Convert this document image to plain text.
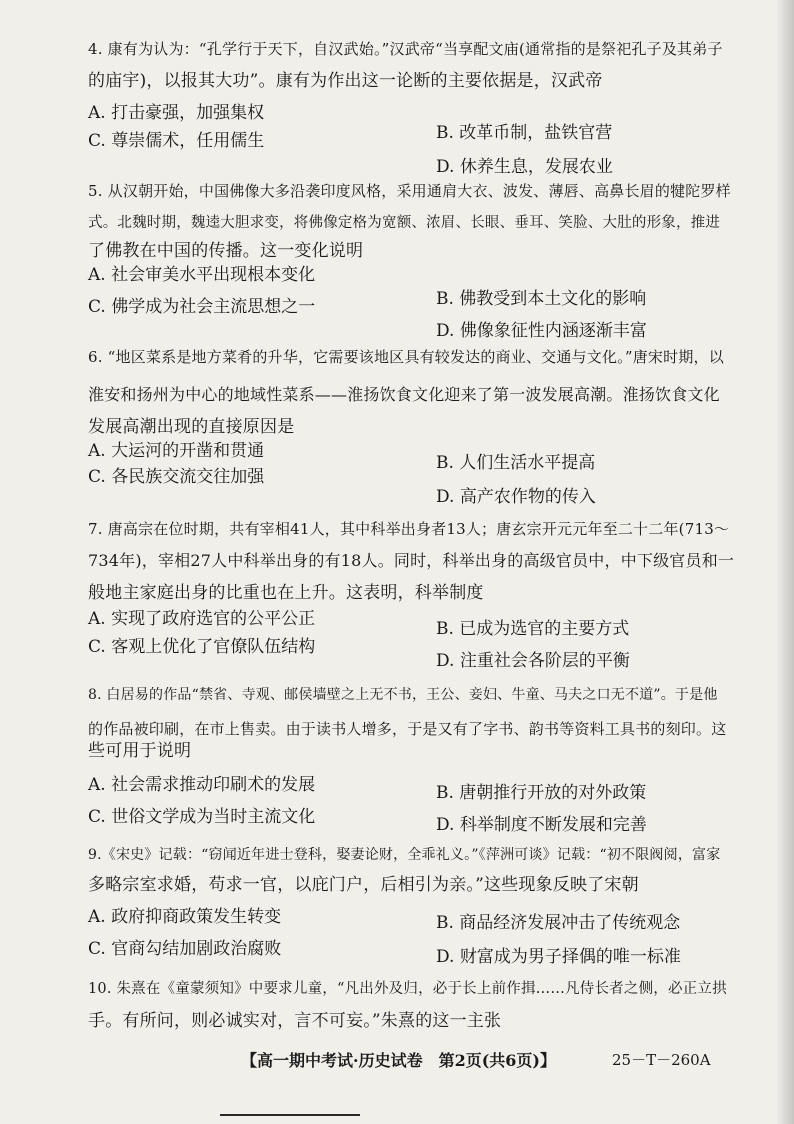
4. 康有为认为：“孔学行于天下，自汉武始。”汉武帝“当享配文庙(通常指的是祭祀孔子及其弟子
的庙宇)，以报其大功”。康有为作出这一论断的主要依据是，汉武帝
A. 打击豪强，加强集权
B. 改革币制，盐铁官营
C. 尊崇儒术，任用儒生
D. 休养生息，发展农业
5. 从汉朝开始，中国佛像大多沿袭印度风格，采用通肩大衣、波发、薄唇、高鼻长眉的犍陀罗样
式。北魏时期，魏逵大胆求变，将佛像定格为宽额、浓眉、长眼、垂耳、笑脸、大肚的形象，推进
了佛教在中国的传播。这一变化说明
A. 社会审美水平出现根本变化
B. 佛教受到本土文化的影响
C. 佛学成为社会主流思想之一
D. 佛像象征性内涵逐渐丰富
6. “地区菜系是地方菜肴的升华，它需要该地区具有较发达的商业、交通与文化。”唐宋时期，以
淮安和扬州为中心的地域性菜系——淮扬饮食文化迎来了第一波发展高潮。淮扬饮食文化
发展高潮出现的直接原因是
A. 大运河的开凿和贯通
B. 人们生活水平提高
C. 各民族交流交往加强
D. 高产农作物的传入
7. 唐高宗在位时期，共有宰相41人，其中科举出身者13人；唐玄宗开元元年至二十二年(713～
734年)，宰相27人中科举出身的有18人。同时，科举出身的高级官员中，中下级官员和一
般地主家庭出身的比重也在上升。这表明，科举制度
A. 实现了政府选官的公平公正	B. 已成为选官的主要方式
C. 客观上优化了官僚队伍结构
D. 注重社会各阶层的平衡
8. 白居易的作品“禁省、寺观、邮侯墙壁之上无不书，王公、妾妇、牛童、马夫之口无不道”。于是他
的作品被印刷，在市上售卖。由于读书人增多，于是又有了字书、韵书等资料工具书的刻印。这
些可用于说明
A. 社会需求推动印刷术的发展	B. 唐朝推行开放的对外政策
C. 世俗文学成为当时主流文化	D. 科举制度不断发展和完善
9.《宋史》记载：“窃闻近年进士登科，娶妻论财，全乖礼义。”《萍洲可谈》记载：“初不限阀阅，富家
多略宗室求婚，苟求一官，以庇门户，后相引为亲。”这些现象反映了宋朝
A. 政府抑商政策发生转变	B. 商品经济发展冲击了传统观念
C. 官商勾结加剧政治腐败	D. 财富成为男子择偶的唯一标准
10. 朱熹在《童蒙须知》中要求儿童，“凡出外及归，必于长上前作揖……凡侍长者之侧，必正立拱
手。有所问，则必诚实对，言不可妄。”朱熹的这一主张
【高一期中考试·历史试卷　第2页(共6页)】	25－T－260A
